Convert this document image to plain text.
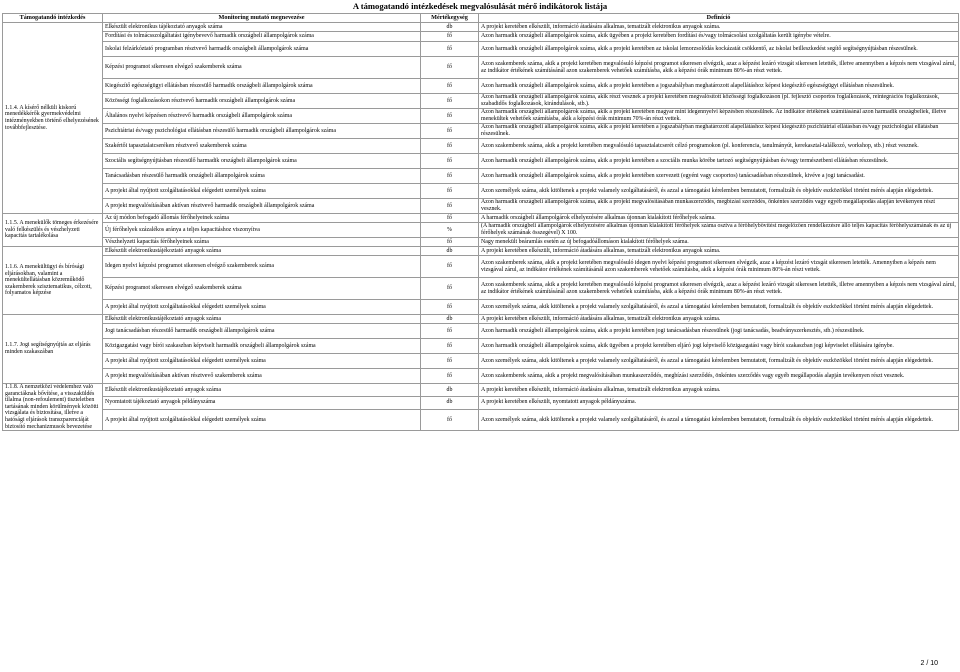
A támogatandó intézkedések megvalósulását mérő indikátorok listája
Támogatandó intézkedés	Monitoring mutató megnevezése	Mértékegység	Definíció
1.1.4. A kísérő nélküli kiskorú menedékkérők gyermekvédelmi intézményekben történő elhelyezésének továbbfejlesztése.	Elkészült elektronikus tájékoztató anyagok száma	db	A projekt keretében elkészült, információ átadására alkalmas, tematizált elektronikus anyagok száma.
	Fordítási és tolmácsszolgáltatást igénybevevő harmadik országbeli állampolgárok száma	fő	Azon harmadik országbeli állampolgárok száma, akik ügyében a projekt keretében fordítási és/vagy tolmácsolási szolgáltatás került igénybe vételre.
	Iskolai felzárkóztató programban résztvevő harmadik országbeli állampolgárok száma	fő	Azon harmadik országbeli állampolgárok száma, akik a projekt keretében az iskolai lemorzsolódás kockázatát csökkentő, az iskolai beilleszkedést segítő segítségnyújtásban részesülnek.
	Képzési programot sikeresen elvégző szakemberek száma	fő	Azon szakemberek száma, akik a projekt keretében megvalósuló képzési programot sikeresen elvégzik, azaz a képzést lezáró vizsgát sikeresen letették, illetve amennyiben a képzés nem vizsgával zárul, az indikátor értékének számításánál azon szakemberek vehetőek számításba, akik a képzési órák minimum 80%-án részt vettek.
	Kiegészítő egészségügyi ellátásban részesülő harmadik országbeli állampolgárok száma	fő	Azon harmadik országbeli állampolgárok száma, akik a projekt keretében a jogszabályban meghatározott alapellátáshoz képest kiegészítő egészségügyi ellátásban részesülnek.
	Közösségi foglalkozásokon résztvevő harmadik országbeli állampolgárok száma	fő	Azon harmadik országbeli állampolgárok száma, akik részt vesznek a projekt keretében megvalósított közösségi foglalkozáson (pl. fejlesztő csoportos foglalkozások, reintegrációs foglalkozások, szabadidős foglalkozások, kirándulások, stb.).
	Általános nyelvi képzésen résztvevő harmadik országbeli állampolgárok száma	fő	Azon harmadik országbeli állampolgárok száma, akik a projekt keretében magyar mint idegennyelvi képzésben részesülnek. Az indikátor értékének számításánál azon harmadik országbeliek, illetve menekültek vehetőek számításba, akik a képzési órák minimum 70%-án részt vettek.
	Pszichiátriai és/vagy pszichológiai ellátásban részesülő harmadik országbeli állampolgárok száma	fő	Azon harmadik országbeli állampolgárok száma, akik a projekt keretében a jogszabályban meghatározott alapellátáshoz képest kiegészítő pszichiátriai ellátásban és/vagy pszichológiai ellátásban részesülnek.
	Szakértői tapasztalatcseréken résztvevő szakemberek száma	fő	Azon szakemberek száma, akik a projekt keretében megvalósuló tapasztalatcserét célzó programokon (pl. konferencia, tanulmányút, kerekasztal-találkozó, workshop, stb.) részt vesznek.
	Szociális segítségnyújtásban részesülő harmadik országbeli állampolgárok száma	fő	Azon harmadik országbeli állampolgárok száma, akik a projekt keretében a szociális munka körébe tartozó segítségnyújtásban és/vagy természetbeni ellátásban részesülnek.
	Tanácsadásban részesülő harmadik országbeli állampolgárok száma	fő	Azon harmadik országbeli állampolgárok száma, akik a projekt keretében szervezett (egyéni vagy csoportos) tanácsadásban részesülnek, kivéve a jogi tanácsadást.
	A projekt által nyújtott szolgáltatásokkal elégedett személyek száma	fő	Azon személyek száma, akik kitöltenek a projekt valamely szolgáltatásáról, és azzal a támogatási kérelemben bemutatott, formalizált és objektív eszközökkel történt mérés alapján elégedettek.
	A projekt megvalósításában aktívan résztvevő harmadik országbeli állampolgárok száma	fő	Azon harmadik országbeli állampolgárok száma, akik a projekt megvalósításában munkaszerződés, megbízási szerződés, önkéntes szerződés vagy egyéb megállapodás alapján tevékenyen részt vesznek.
1.1.5. A menekülők tömeges érkezésére való felkészülés és vészhelyzeti kapacitás tartalékolása	Az új módon befogadó állomás férőhelyeinek száma	fő	A harmadik országbeli állampolgárok elhelyezésére alkalmas újonnan kialakított férőhelyek száma.
	Új férőhelyek százalékos aránya a teljes kapacitáshoz viszonyítva	%	(A harmadik országbeli állampolgárok elhelyezésére alkalmas újonnan kialakított férőhelyek száma osztva a férőhelybővítést megelőzően rendelkezésre álló teljes kapacitás férőhelyszámának és az új férőhelyek számának összegével) X 100.
	Vészhelyzeti kapacitás férőhelyeinek száma	fő	Nagy menekült beáramlás esetén az új befogadóállomáson kialakított férőhelyek száma.
1.1.6. A menekültügyi és bírósági eljárásokban, valamint a menekültellátásban közreműködő szakemberek szisztematikus, célzott, folyamatos képzése	Elkészült elektronikustájékoztató anyagok száma	db	A projekt keretében elkészült, információ átadására alkalmas, tematizált elektronikus anyagok száma.
	Idegen nyelvi képzési programot sikeresen elvégző szakemberek száma	fő	Azon szakemberek száma, akik a projekt keretében megvalósuló idegen nyelvi képzési programot sikeresen elvégzik, azaz a képzést lezáró vizsgát sikeresen letették. Amennyiben a képzés nem vizsgával zárul, az indikátor értékének számításánál azon szakemberek vehetőek számításba, akik a képzési órák minimum 80%-án részt vettek.
	Képzési programot sikeresen elvégző szakemberek száma	fő	Azon szakemberek száma, akik a projekt keretében megvalósuló képzési programot sikeresen elvégzik, azaz a képzést lezáró vizsgát sikeresen letették, illetve amennyiben a képzés nem vizsgával zárul, az indikátor értékének számításánál azon szakemberek vehetőek számításba, akik a képzési órák minimum 80%-án részt vettek.
	A projekt által nyújtott szolgáltatásokkal elégedett személyek száma	fő	Azon személyek száma, akik kitöltenek a projekt valamely szolgáltatásáról, és azzal a támogatási kérelemben bemutatott, formalizált és objektív eszközökkel történt mérés alapján elégedettek.
1.1.7. Jogi segítségnyújtás az eljárás minden szakaszában	Elkészült elektronikustájékoztató anyagok száma	db	A projekt keretében elkészült, információ átadására alkalmas, tematizált elektronikus anyagok száma.
	Jogi tanácsadásban részesülő harmadik országbeli állampolgárok száma	fő	Azon harmadik országbeli állampolgárok száma, akik a projekt keretében jogi tanácsadásban részesülnek (jogi tanácsadás, beadványszerkesztés, stb.) részesülnek.
	Közigazgatási vagy bírói szakaszban képviselt harmadik országbeli állampolgárok száma	fő	Azon harmadik országbeli állampolgárok száma, akik ügyében a projekt keretében eljáró jogi képviselő közigazgatási vagy bírói szakaszban jogi képviselet ellátására igénybe.
	A projekt által nyújtott szolgáltatásokkal elégedett személyek száma	fő	Azon személyek száma, akik kitöltenek a projekt valamely szolgáltatásáról, és azzal a támogatási kérelemben bemutatott, formalizált és objektív eszközökkel történt mérés alapján elégedettek.
	A projekt megvalósításában aktívan résztvevő szakemberek száma	fő	Azon szakemberek száma, akik a projekt megvalósításában munkaszerződés, megbízási szerződés, önkéntes szerződés vagy egyéb megállapodás alapján tevékenyen részt vesznek.
1.1.8. A nemzetközi védelemhez való garanciáknak bővítése, a visszaküldés tilalma (non-refoulement) tiszteletben tartásának minden körülmények közötti vizsgálata és biztosítása, illetve a hatósági eljárások transzparenciáját biztosító mechanizmusok bevezetése	Elkészült elektronikustájékoztató anyagok száma	db	A projekt keretében elkészült, információ átadására alkalmas, tematizált elektronikus anyagok száma.
	Nyomtatott tájékoztató anyagok példányszáma	db	A projekt keretében elkészült, nyomtatott anyagok példányszáma.
	A projekt által nyújtott szolgáltatásokkal elégedett személyek száma	fő	Azon személyek száma, akik kitöltenek a projekt valamely szolgáltatásáról, és azzal a támogatási kérelemben bemutatott, formalizált és objektív eszközökkel történt mérés alapján elégedettek.
2 / 10
